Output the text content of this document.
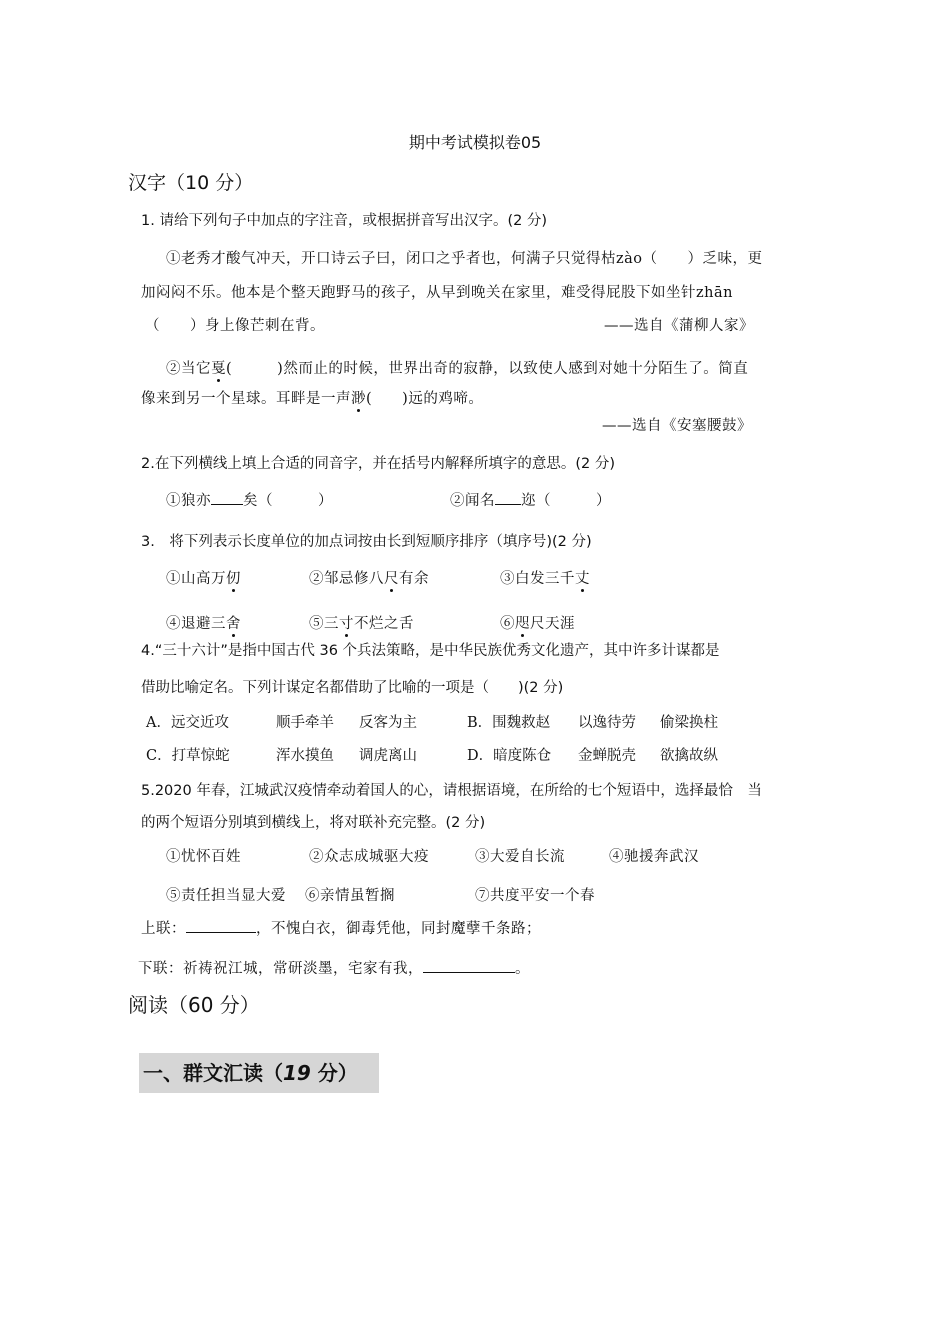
期中考试模拟卷05
汉字（10 分）
1. 请给下列句子中加点的字注音，或根据拼音写出汉字。(2 分)
①老秀才酸气冲天，开口诗云子曰，闭口之乎者也，何满子只觉得枯zào（　　）乏味，更
加闷闷不乐。他本是个整天跑野马的孩子，从早到晚关在家里，难受得屁股下如坐针zhān
（　　）身上像芒刺在背。	——选自《蒲柳人家》
②当它戛(　　　)然而止的时候，世界出奇的寂静，以致使人感到对她十分陌生了。简直
像来到另一个星球。耳畔是一声渺(　　)远的鸡啼。
——选自《安塞腰鼓》
2.在下列横线上填上合适的同音字，并在括号内解释所填字的意思。(2 分)
①狼亦 矣（　　　）	②闻名 迩（　　　）
3.　将下列表示长度单位的加点词按由长到短顺序排序（填序号)(2 分)
①山高万仞	②邹忌修八尺有余	③白发三千丈
④退避三舍	⑤三寸不烂之舌	⑥咫尺天涯
4.“三十六计”是指中国古代 36 个兵法策略，是中华民族优秀文化遗产，其中许多计谋都是
借助比喻定名。下列计谋定名都借助了比喻的一项是（　　)(2 分)
A．远交近攻	顺手牵羊 反客为主	B．围魏救赵 以逸待劳 偷梁换柱
C．打草惊蛇	浑水摸鱼 调虎离山	D．暗度陈仓 金蝉脱壳 欲擒故纵
5.2020 年春，江城武汉疫情牵动着国人的心，请根据语境，在所给的七个短语中，选择最恰　当
的两个短语分别填到横线上，将对联补充完整。(2 分)
①忧怀百姓	②众志成城驱大疫	③大爱自长流	④驰援奔武汉
⑤责任担当显大爱 ⑥亲情虽暂搁	⑦共度平安一个春
上联：	，不愧白衣，御毒凭他，同封魔孽千条路；
下联：祈祷祝江城，常研淡墨，宅家有我，	。
阅读（60 分）
一、群文汇读（19 分）
